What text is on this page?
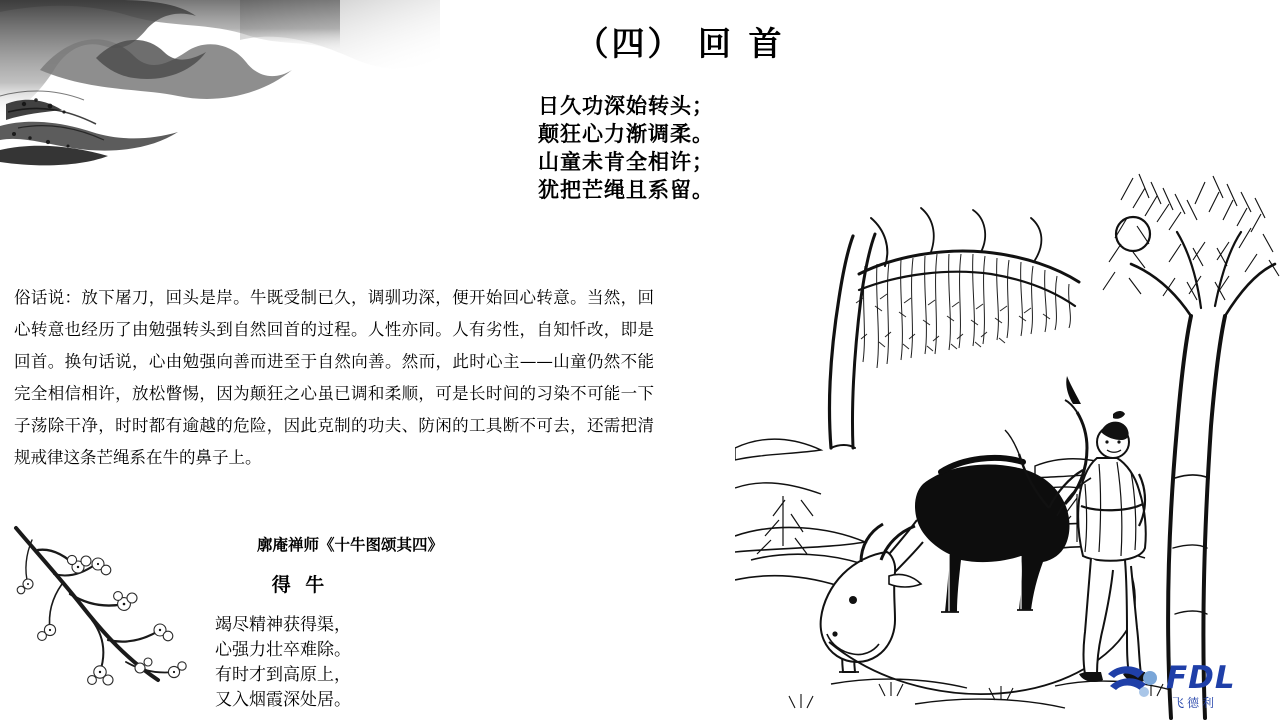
（四） 回 首
日久功深始转头；
颠狂心力渐调柔。
山童未肯全相许；
犹把芒绳且系留。
俗话说：放下屠刀，回头是岸。牛既受制已久，调驯功深，便开始回心转意。当然，回心转意也经历了由勉强转头到自然回首的过程。人性亦同。人有劣性，自知忏改，即是回首。换句话说，心由勉强向善而进至于自然向善。然而，此时心主——山童仍然不能完全相信相许，放松瞥惕，因为颠狂之心虽已调和柔顺，可是长时间的习染不可能一下子荡除干净，时时都有逾越的危险，因此克制的功夫、防闲的工具断不可去，还需把清规戒律这条芒绳系在牛的鼻子上。
廓庵禅师《十牛图颂其四》
得 牛
竭尽精神获得渠，
心强力壮卒难除。
有时才到高原上，
又入烟霞深处居。
FDL
飞德利
